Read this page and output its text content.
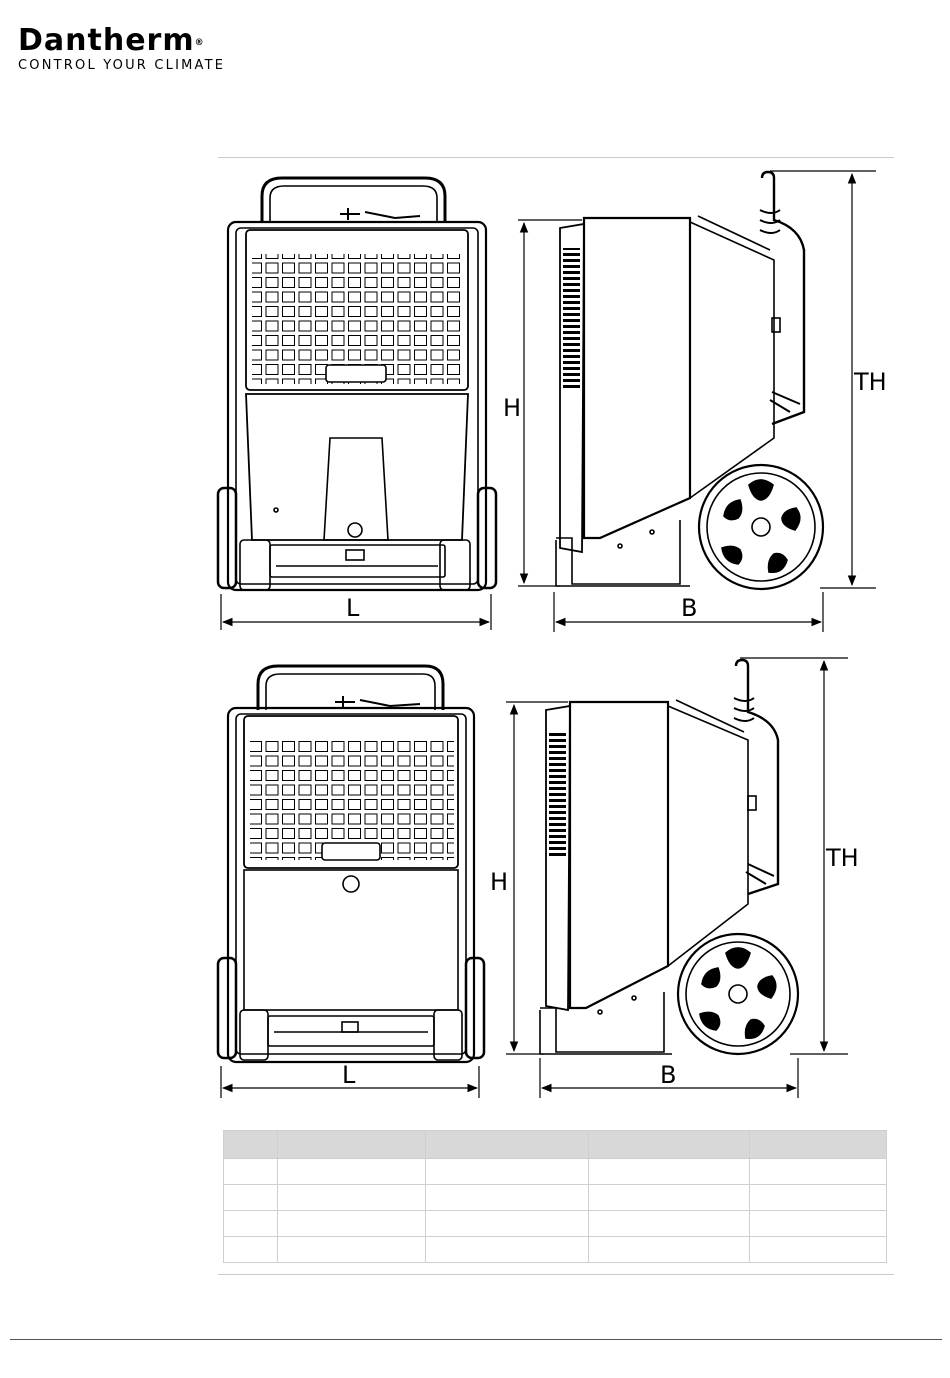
Dantherm®
CONTROL YOUR CLIMATE
L
H
TH
B
L
H
TH
B
